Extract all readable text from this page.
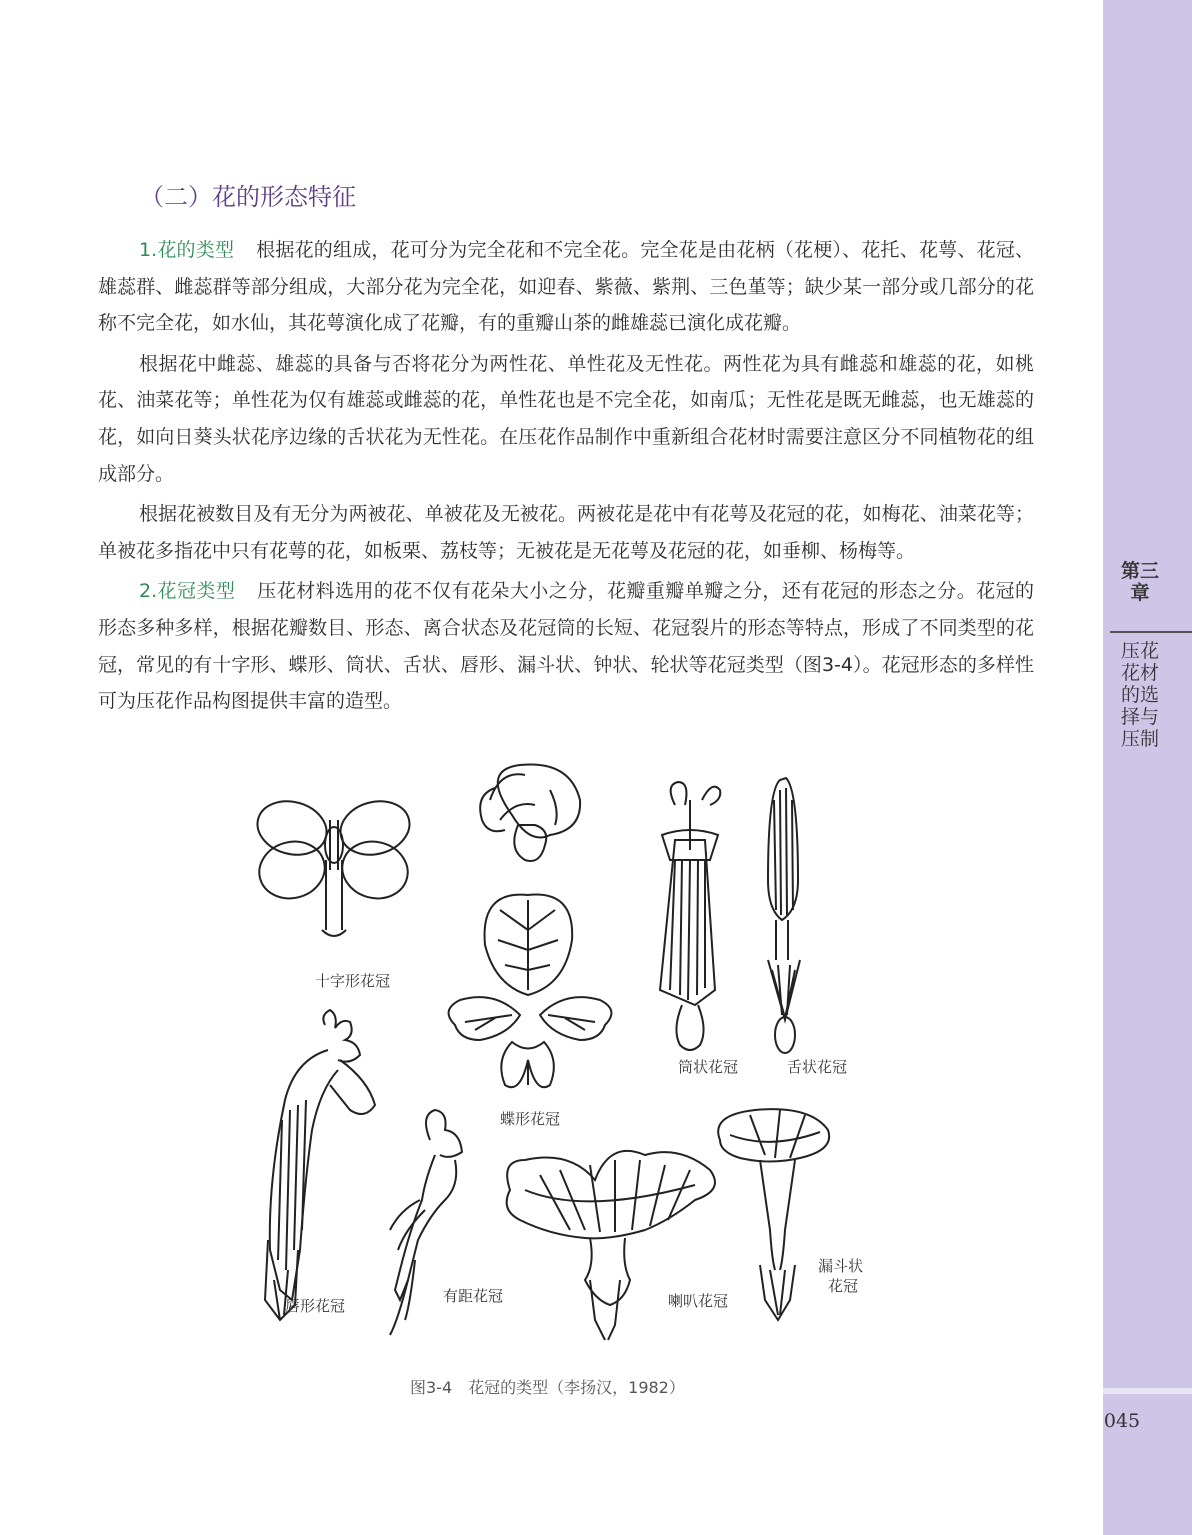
第三章
压花花材的选择与压制
045
（二）花的形态特征

1.花的类型 根据花的组成，花可分为完全花和不完全花。完全花是由花柄（花梗）、花托、花萼、花冠、雄蕊群、雌蕊群等部分组成，大部分花为完全花，如迎春、紫薇、紫荆、三色堇等；缺少某一部分或几部分的花称不完全花，如水仙，其花萼演化成了花瓣，有的重瓣山茶的雌雄蕊已演化成花瓣。

根据花中雌蕊、雄蕊的具备与否将花分为两性花、单性花及无性花。两性花为具有雌蕊和雄蕊的花，如桃花、油菜花等；单性花为仅有雄蕊或雌蕊的花，单性花也是不完全花，如南瓜；无性花是既无雌蕊，也无雄蕊的花，如向日葵头状花序边缘的舌状花为无性花。在压花作品制作中重新组合花材时需要注意区分不同植物花的组成部分。

根据花被数目及有无分为两被花、单被花及无被花。两被花是花中有花萼及花冠的花，如梅花、油菜花等；单被花多指花中只有花萼的花，如板栗、荔枝等；无被花是无花萼及花冠的花，如垂柳、杨梅等。

2.花冠类型 压花材料选用的花不仅有花朵大小之分，花瓣重瓣单瓣之分，还有花冠的形态之分。花冠的形态多种多样，根据花瓣数目、形态、离合状态及花冠筒的长短、花冠裂片的形态等特点，形成了不同类型的花冠，常见的有十字形、蝶形、筒状、舌状、唇形、漏斗状、钟状、轮状等花冠类型（图3-4）。花冠形态的多样性可为压花作品构图提供丰富的造型。

十字形花冠
蝶形花冠
筒状花冠	舌状花冠
唇形花冠
有距花冠	喇叭花冠
漏斗状
花冠
图3-4 花冠的类型（李扬汉，1982）
